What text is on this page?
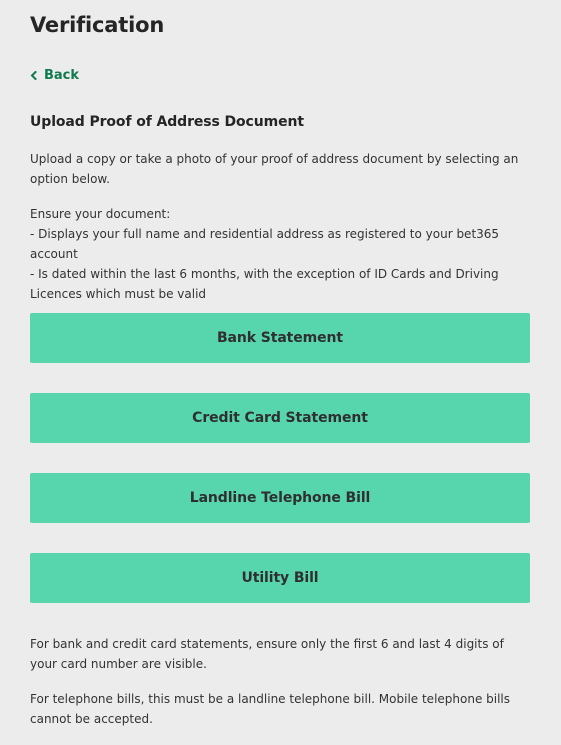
Verification
Back
Upload Proof of Address Document

Upload a copy or take a photo of your proof of address document by selecting an option below.

Ensure your document:
- Displays your full name and residential address as registered to your bet365 account
- Is dated within the last 6 months, with the exception of ID Cards and Driving Licences which must be valid
Bank Statement
Credit Card Statement
Landline Telephone Bill
Utility Bill

For bank and credit card statements, ensure only the first 6 and last 4 digits of your card number are visible.

For telephone bills, this must be a landline telephone bill. Mobile telephone bills cannot be accepted.
